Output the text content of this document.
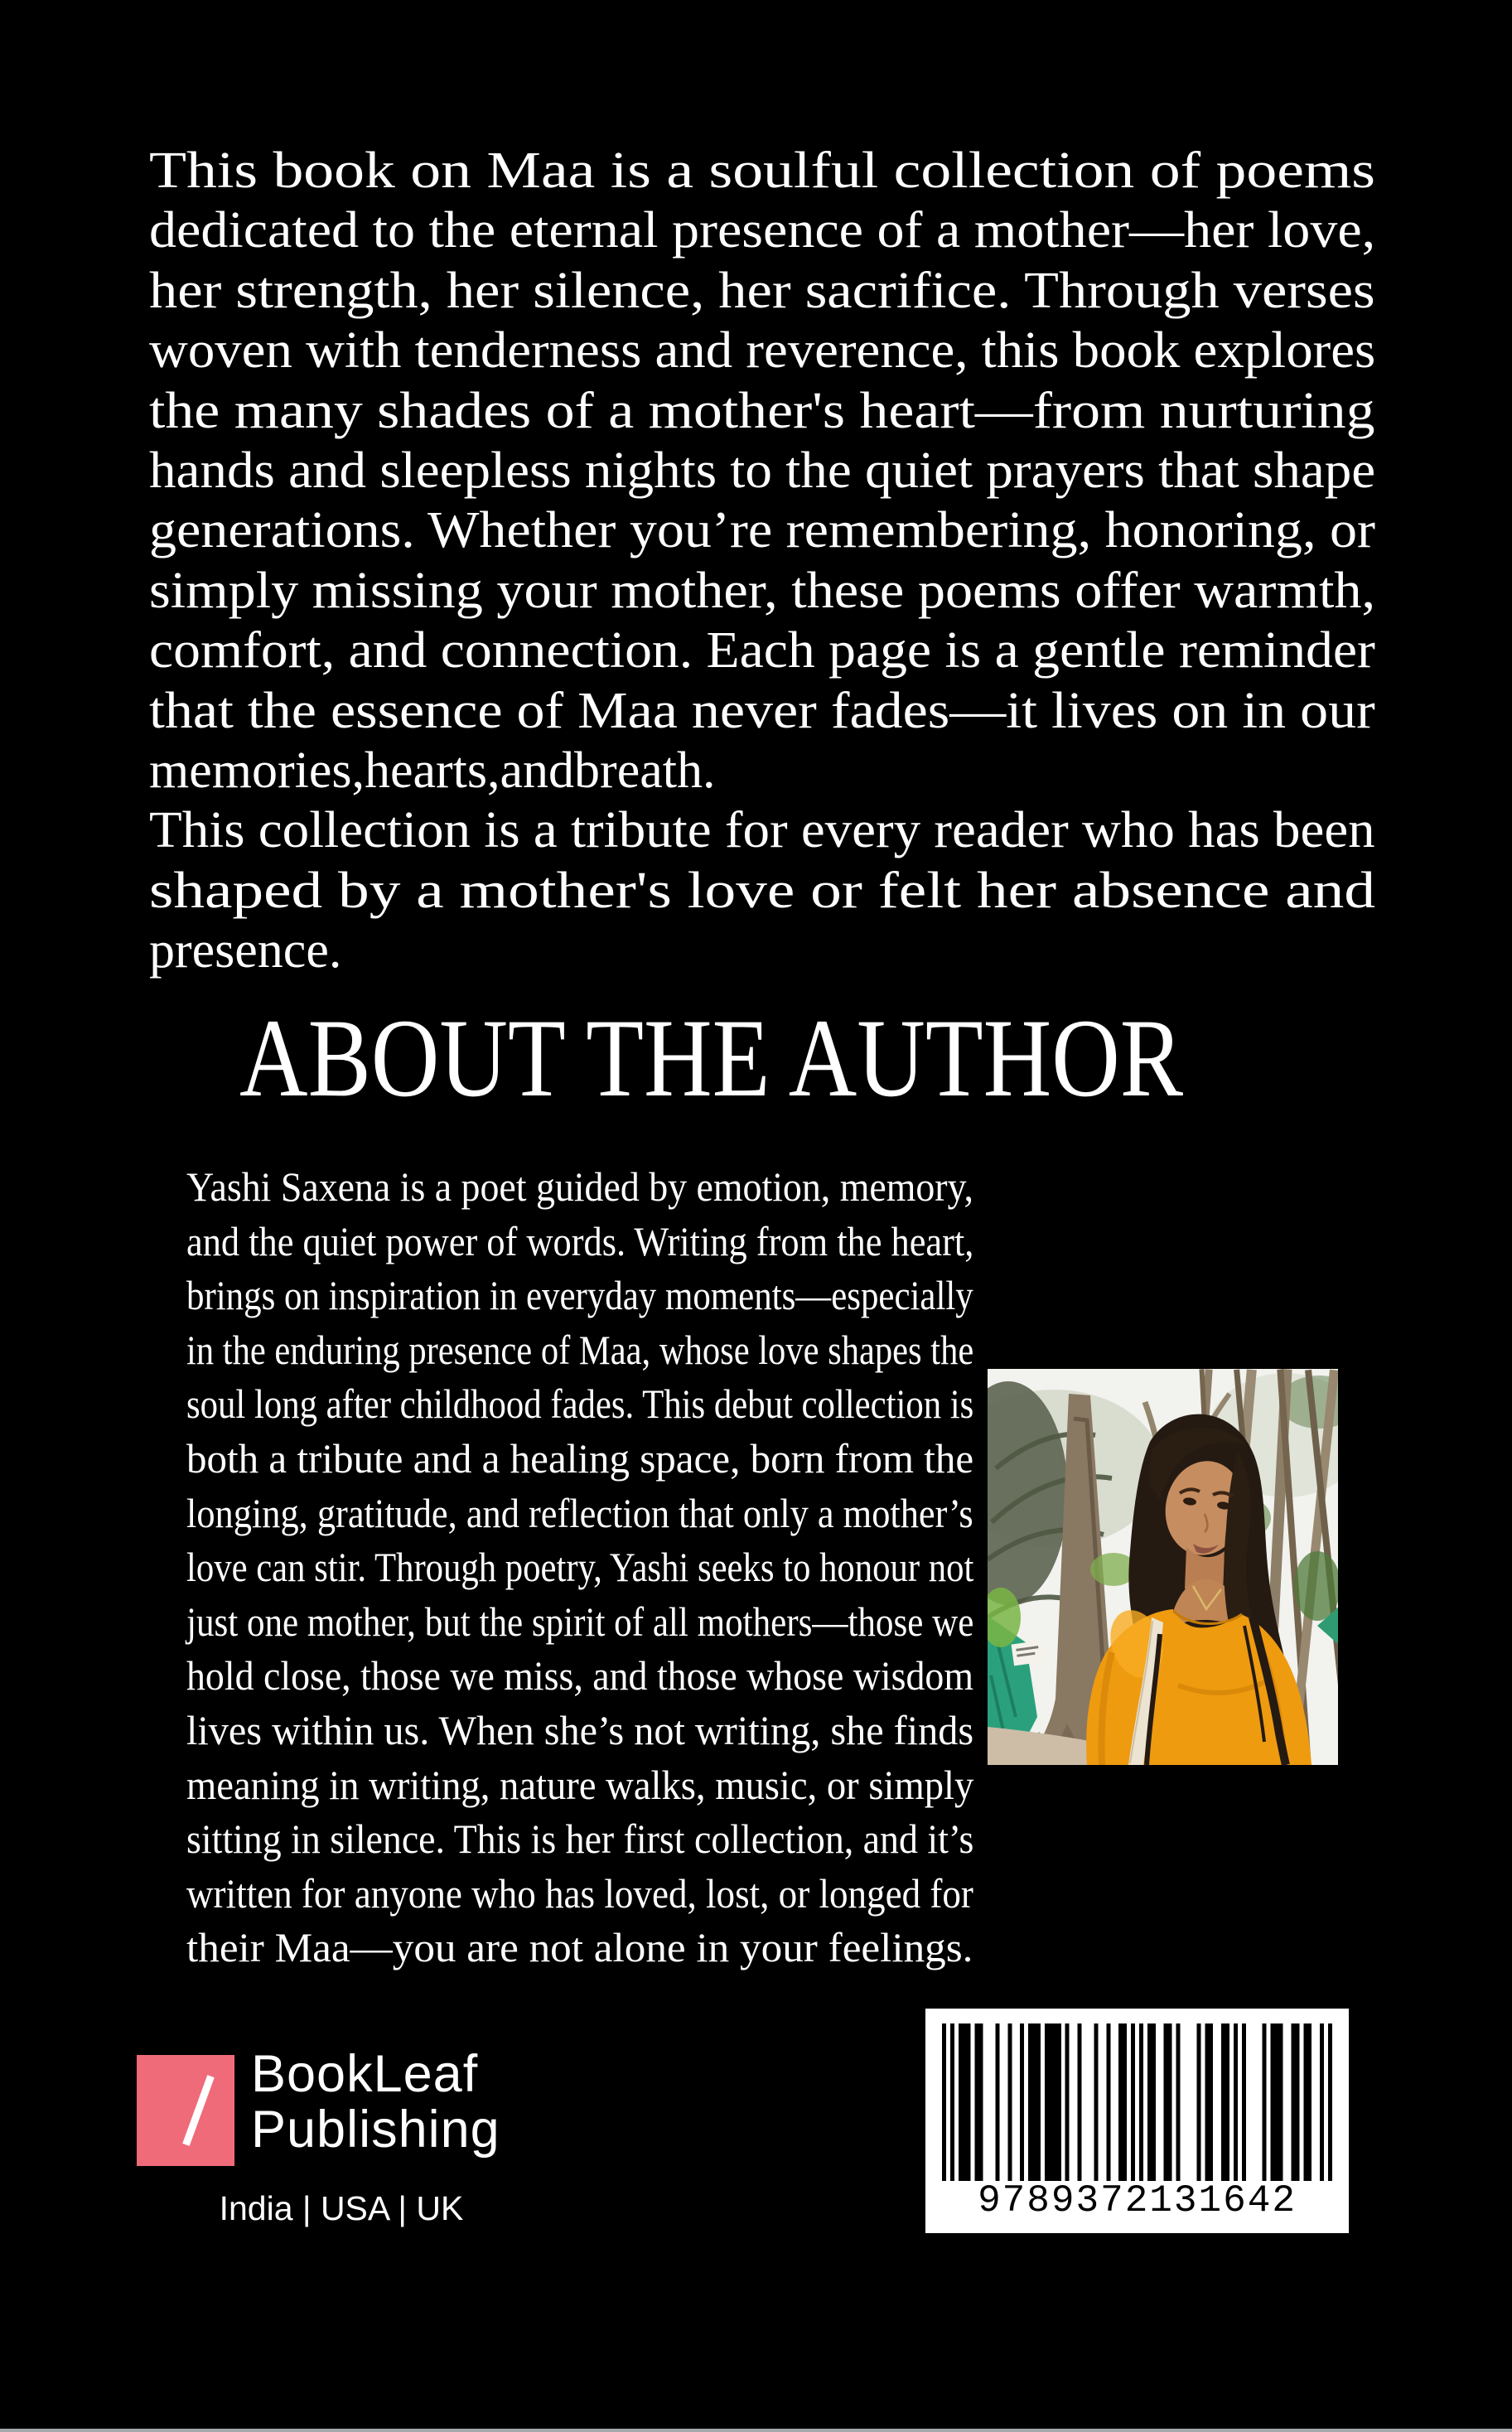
This book on Maa is a soulful collection of poems
dedicated to the eternal presence of a mother—her love,
her strength, her silence, her sacrifice. Through verses
woven with tenderness and reverence, this book explores
the many shades of a mother's heart—from nurturing
hands and sleepless nights to the quiet prayers that shape
generations. Whether you’re remembering, honoring, or
simply missing your mother, these poems offer warmth,
comfort, and connection. Each page is a gentle reminder
that the essence of Maa never fades—it lives on in our
memories,hearts,andbreath.
This collection is a tribute for every reader who has been
shaped by a mother's love or felt her absence and
presence.
ABOUT THE AUTHOR
Yashi Saxena is a poet guided by emotion, memory,
and the quiet power of words. Writing from the heart,
brings on inspiration in everyday moments—especially
in the enduring presence of Maa, whose love shapes the
soul long after childhood fades. This debut collection is
both a tribute and a healing space, born from the
longing, gratitude, and reflection that only a mother’s
love can stir. Through poetry, Yashi seeks to honour not
just one mother, but the spirit of all mothers—those we
hold close, those we miss, and those whose wisdom
lives within us. When she’s not writing, she finds
meaning in writing, nature walks, music, or simply
sitting in silence. This is her first collection, and it’s
written for anyone who has loved, lost, or longed for
their Maa—you are not alone in your feelings.
BookLeaf
Publishing
India | USA | UK	9789372131642
